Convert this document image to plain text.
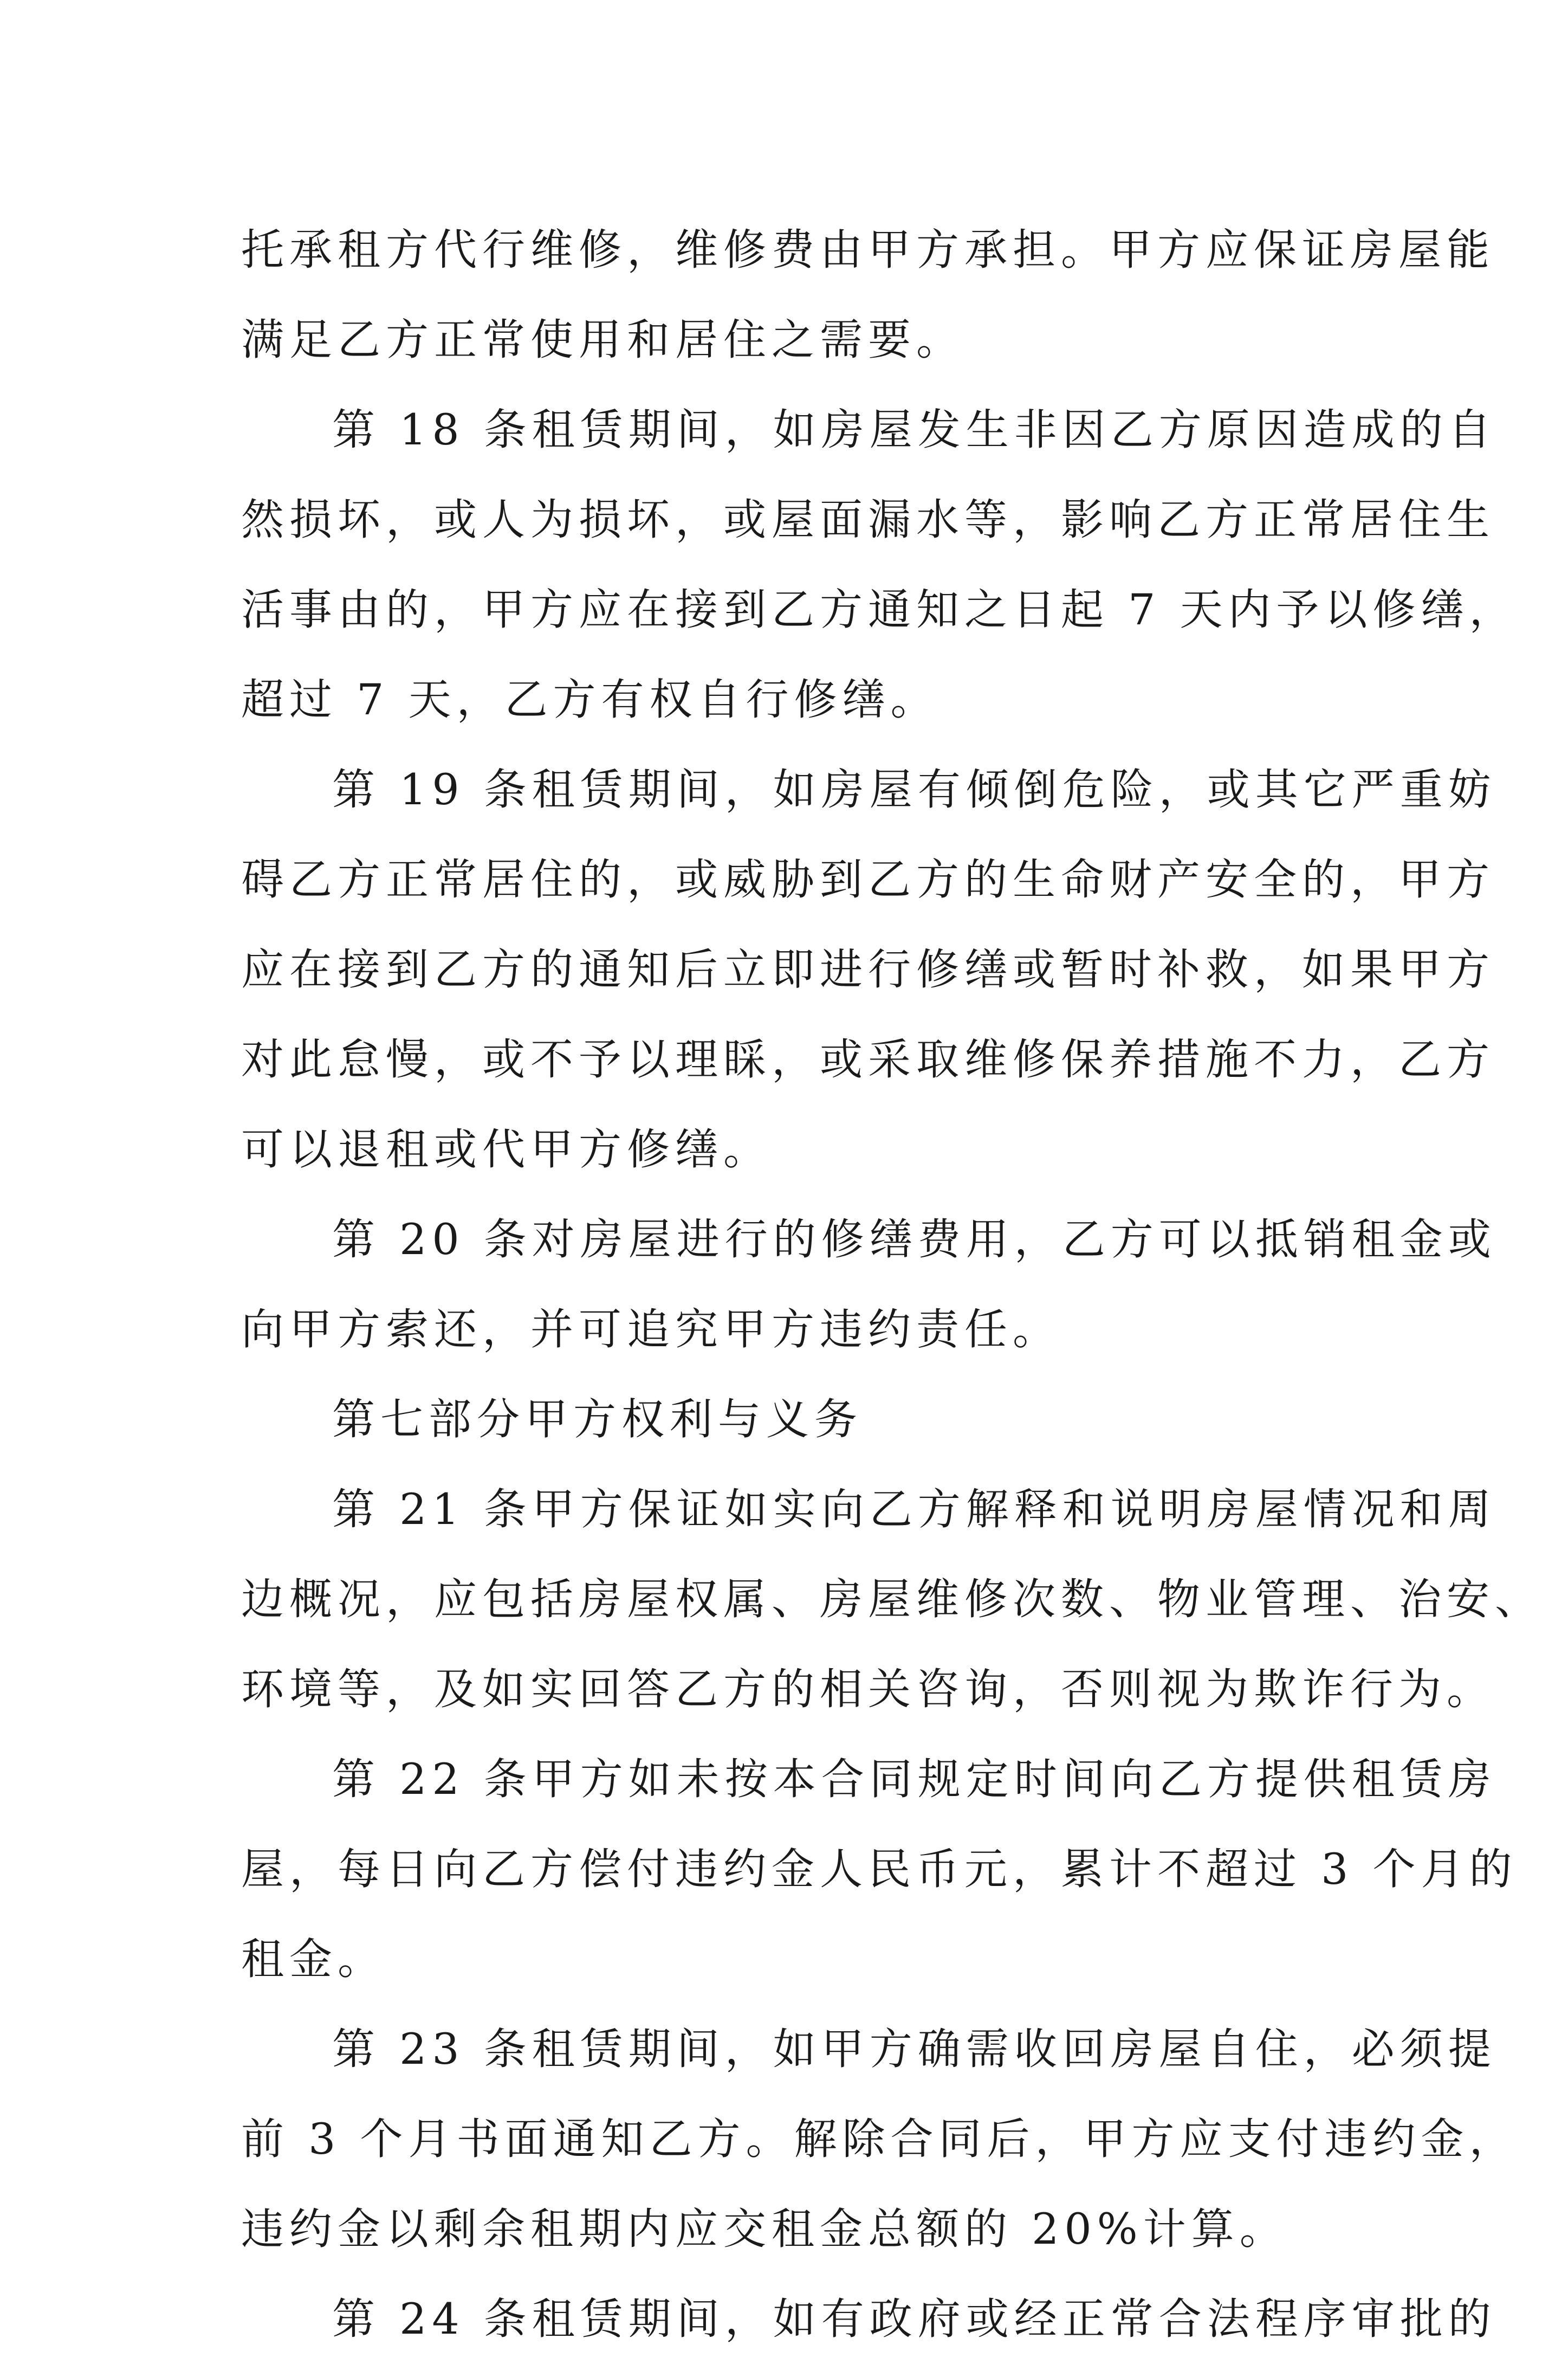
托承租方代行维修，维修费由甲方承担。甲方应保证房屋能
满足乙方正常使用和居住之需要。
第 18 条租赁期间，如房屋发生非因乙方原因造成的自
然损坏，或人为损坏，或屋面漏水等，影响乙方正常居住生
活事由的，甲方应在接到乙方通知之日起 7 天内予以修缮，
超过 7 天，乙方有权自行修缮。
第 19 条租赁期间，如房屋有倾倒危险，或其它严重妨
碍乙方正常居住的，或威胁到乙方的生命财产安全的，甲方
应在接到乙方的通知后立即进行修缮或暂时补救，如果甲方
对此怠慢，或不予以理睬，或采取维修保养措施不力，乙方
可以退租或代甲方修缮。
第 20 条对房屋进行的修缮费用，乙方可以抵销租金或
向甲方索还，并可追究甲方违约责任。
第七部分甲方权利与义务
第 21 条甲方保证如实向乙方解释和说明房屋情况和周
边概况，应包括房屋权属、房屋维修次数、物业管理、治安、
环境等，及如实回答乙方的相关咨询，否则视为欺诈行为。
第 22 条甲方如未按本合同规定时间向乙方提供租赁房
屋，每日向乙方偿付违约金人民币元，累计不超过 3 个月的
租金。
第 23 条租赁期间，如甲方确需收回房屋自住，必须提
前 3 个月书面通知乙方。解除合同后，甲方应支付违约金，
违约金以剩余租期内应交租金总额的 20%计算。
第 24 条租赁期间，如有政府或经正常合法程序审批的
